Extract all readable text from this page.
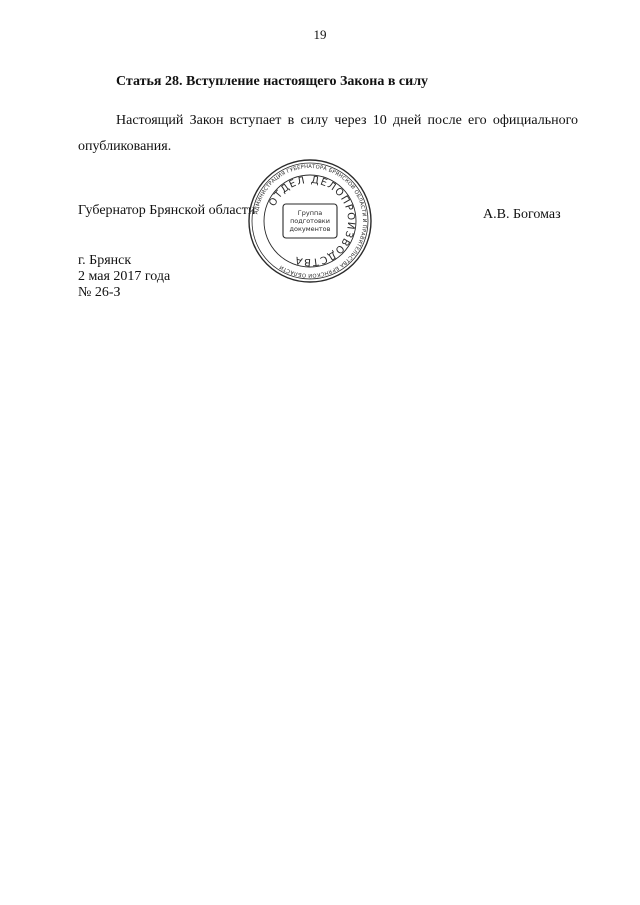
19
Статья 28. Вступление настоящего Закона в силу
Настоящий Закон вступает в силу через 10 дней после его официального опубликования.
Губернатор Брянской области	А.В. Богомаз
АДМИНИСТРАЦИЯ ГУБЕРНАТОРА БРЯНСКОЙ ОБЛАСТИ И ПРАВИТЕЛЬСТВА БРЯНСКОЙ ОБЛАСТИ
ОТДЕЛ ДЕЛОПРОИЗВОДСТВА
Группа
подготовки
документов
г. Брянск
2 мая 2017 года
№ 26-З
